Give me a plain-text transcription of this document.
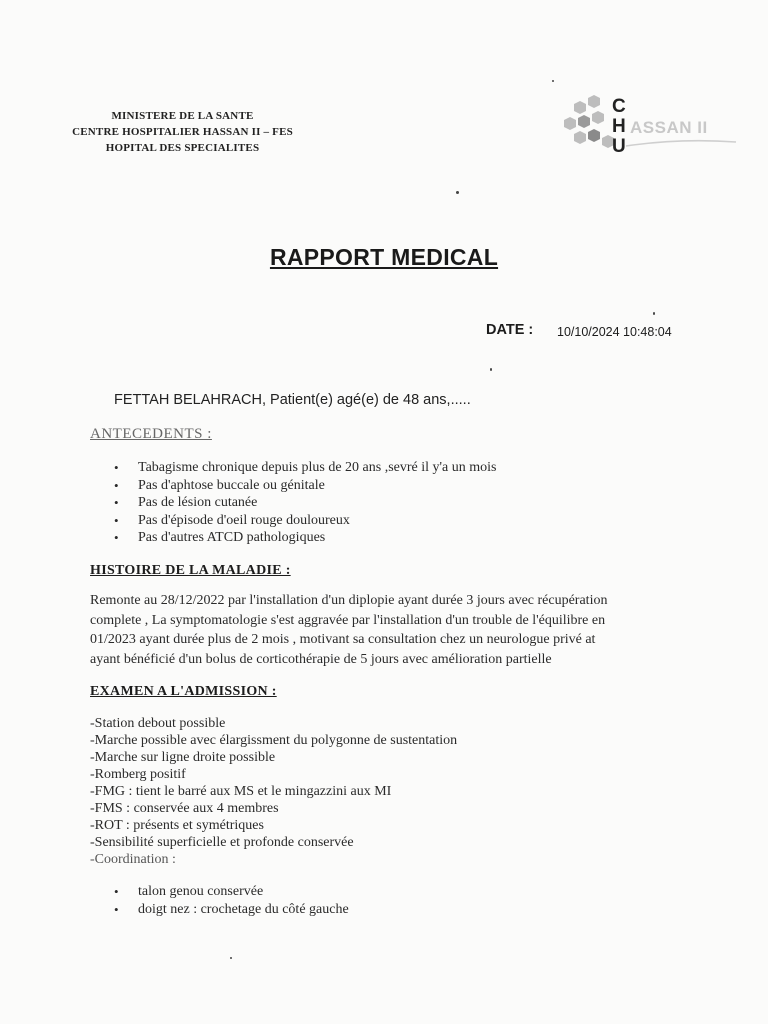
MINISTERE DE LA SANTE
CENTRE HOSPITALIER HASSAN II – FES
HOPITAL DES SPECIALITES
C
H
U
ASSAN II
RAPPORT MEDICAL
DATE : 10/10/2024 10:48:04
FETTAH BELAHRACH, Patient(e) agé(e) de 48 ans,.....
ANTECEDENTS :
• Tabagisme chronique depuis plus de 20 ans ,sevré il y'a un mois
• Pas d'aphtose buccale ou génitale
• Pas de lésion cutanée
• Pas d'épisode d'oeil rouge douloureux
• Pas d'autres ATCD pathologiques
HISTOIRE DE LA MALADIE :
Remonte au 28/12/2022 par l'installation d'un diplopie ayant durée 3 jours avec récupération
complete , La symptomatologie s'est aggravée par l'installation d'un trouble de l'équilibre en
01/2023 ayant durée plus de 2 mois , motivant sa consultation chez un neurologue privé at
ayant bénéficié d'un bolus de corticothérapie de 5 jours avec amélioration partielle
EXAMEN A L'ADMISSION :
-Station debout possible
-Marche possible avec élargissment du polygonne de sustentation
-Marche sur ligne droite possible
-Romberg positif
-FMG : tient le barré aux MS et le mingazzini aux MI
-FMS : conservée aux 4 membres
-ROT : présents et symétriques
-Sensibilité superficielle et profonde conservée
-Coordination :
• talon genou conservée
• doigt nez : crochetage du côté gauche
